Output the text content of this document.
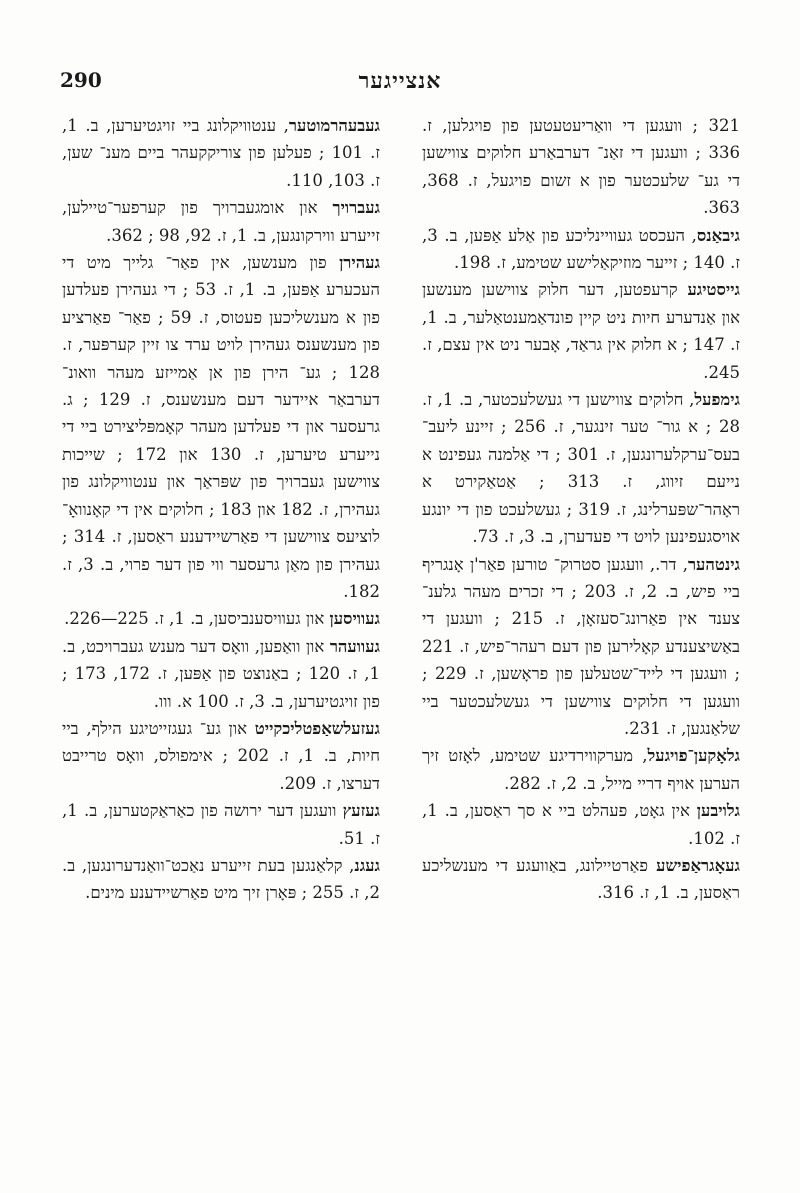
290	אנצייגער

321 ; וועגען די וואַריעטעטען פון פויגלען, ז. 336 ; וועגען די זאַנ־ דערבאַרע חלוקים צווישען די גע־ שלעכטער פון א זשום פויגעל, ז. 368, 363.

גיבאַנס, העכסט געוויינליכע פון אַלע אַפּען, ב. 3, ז. 140 ; זייער מוזיקאַלישע שטימע, ז. 198.

גייסטיגע קרעפטען, דער חלוק צווישען מענשען און אַנדערע חיות ניט קיין פונדאַמענטאַלער, ב. 1, ז. 147 ; א חלוק אין גראַד, אָבער ניט אין עצם, ז. 245.

גימפעל, חלוקים צווישען די געשלעכטער, ב. 1, ז. 28 ; א גור־ טער זינגער, ז. 256 ; זיינע ליעב־ בעס־ערקלערונגען, ז. 301 ; די אַלמנה געפינט א נייעם זיווג, ז. 313 ; אַטאַקירט א ראָהר־שפּערלינג, ז. 319 ; געשלעכט פון די יונגע אויסגעפינען לויט די פעדערן, ב. 3, ז. 73.

גינטהער, דר., וועגען סטרוק־ טורען פאַר'ן אָנגריף ביי פיש, ב. 2, ז. 203 ; די זכרים מעהר גלענ־ צענד אין פאַרונג־סעזאָן, ז. 215 ; וועגען די באַשיצענדע קאָלירען פון דעם רעהר־פיש, ז. 221 ; וועגען די לייד־שטעלען פון פראָשען, ז. 229 ; וועגען די חלוקים צווישען די געשלעכטער ביי שלאַנגען, ז. 231.

גלאָקען־פויגעל, מערקווירדיגע שטימע, לאָזט זיך הערען אויף דריי מייל, ב. 2, ז. 282.

גלויבען אין גאָט, פעהלט ביי א סך ראַסען, ב. 1, ז. 102.

געאָגראַפישע פאַרטיילונג, באַוועגע די מענשליכע ראַסען, ב. 1, ז. 316.

געבעהרמוטער, ענטוויקלונג ביי זויגטיערען, ב. 1, ז. 101 ; פעלען פון צוריקקעהר ביים מענ־ שען, ז. 103, 110.

געברויך און אומגעברויך פון קערפער־טיילען, זייערע ווירקונגען, ב. 1, ז. 92, 98 ; 362.

געהירן פון מענשען, אין פאַר־ גלייך מיט די העכערע אַפּען, ב. 1, ז. 53 ; די געהירן פעלדען פון א מענשליכען פעטוס, ז. 59 ; פאַר־ פאַרציע פון מענשענס געהירן לויט ערד צו זיין קערפּער, ז. 128 ; גע־ הירן פון אן אַמייזע מעהר וואונ־ דערבאַר איידער דעם מענשענס, ז. 129 ; ג. גרעסער און די פעלדען מעהר קאָמפּליצירט ביי די נייערע טיערען, ז. 130 און 172 ; שייכות צווישען געברויך פון שפּראַך און ענטוויקלונג פון געהירן, ז. 182 און 183 ; חלוקים אין די קאָנוואָ־ לוציעס צווישען די פאַרשיידענע ראַסען, ז. 314 ; געהירן פון מאַן גרעסער ווי פון דער פרוי, ב. 3, ז. 182.

געוויסען און געוויסענביסען, ב. 1, ז. 225—226.

געוועהר און וואַפען, וואָס דער מענש געברויכט, ב. 1, ז. 120 ; באַנוצט פון אַפּען, ז. 172, 173 ; פון זויגטיערען, ב. 3, ז. 100 א. ווו.

געזעלשאַפטליכקייט און גע־ געגזייטיגע הילף, ביי חיות, ב. 1, ז. 202 ; אימפולס, וואָס טרייבט דערצו, ז. 209.

געזעץ וועגען דער ירושה פון כאַראַקטערען, ב. 1, ז. 51.

געגנ, קלאַנגען בעת זייערע נאַכט־וואַנדערונגען, ב. 2, ז. 255 ; פּאָרן זיך מיט פאַרשיידענע מינים.
